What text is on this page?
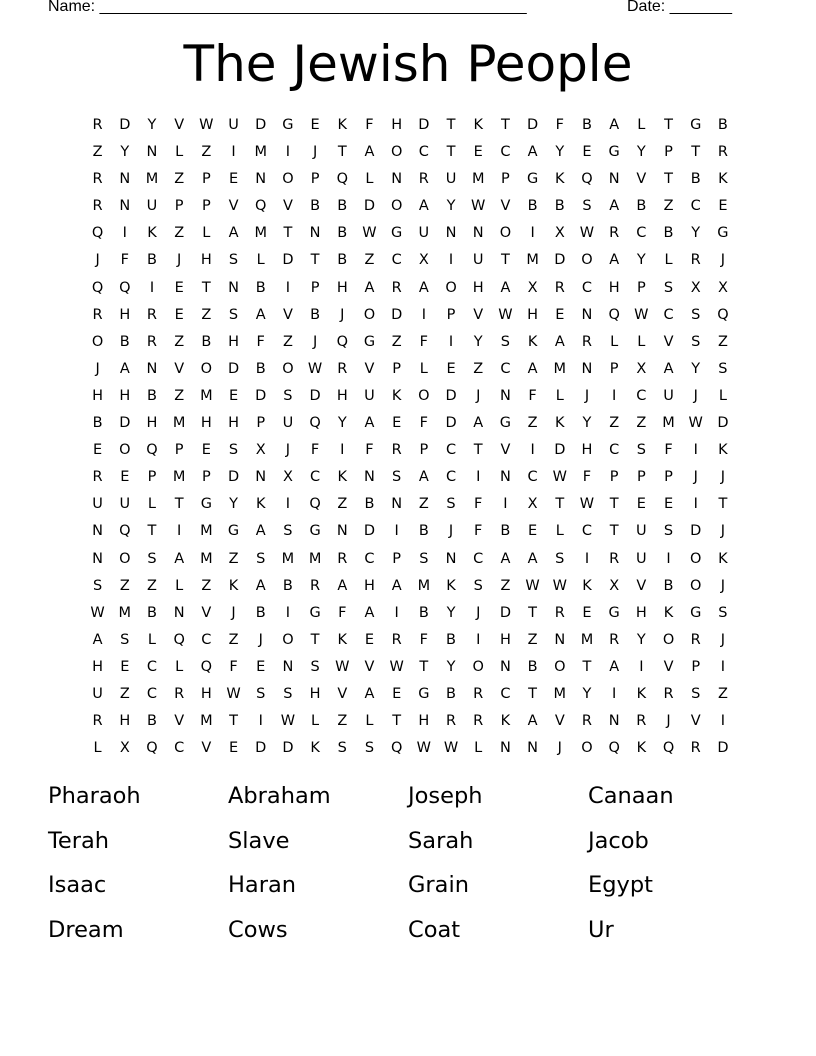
Name: ________________________________________________

	Date: _______

The Jewish People
R	D	Y	V	W	U	D	G	E	K	F	H	D	T	K	T	D	F	B	A	L	T	G	B
Z	Y	N	L	Z	I	M	I	J	T	A	O	C	T	E	C	A	Y	E	G	Y	P	T	R
R	N	M	Z	P	E	N	O	P	Q	L	N	R	U	M	P	G	K	Q	N	V	T	B	K
R	N	U	P	P	V	Q	V	B	B	D	O	A	Y	W	V	B	B	S	A	B	Z	C	E
Q	I	K	Z	L	A	M	T	N	B	W G	U	N	N	O	I	X	W	R	C	B	Y	G
J	F	B	J	H	S	L	D	T	B	Z	C	X	I	U	T	M	D	O	A	Y	L	R	J
Q	Q	I	E	T	N	B	I	P	H	A	R	A	O	H	A	X	R	C	H	P	S	X	X
R	H	R	E	Z	S	A	V	B	J	O	D	I	P	V	W	H	E	N	Q W	C	S	Q
O	B	R	Z	B	H	F	Z	J	Q	G	Z	F	I	Y	S	K	A	R	L	L	V	S	Z
J	A	N	V	O	D	B	O W	R	V	P	L	E	Z	C	A	M	N	P	X	A	Y	S
H	H	B	Z	M	E	D	S	D	H	U	K	O	D	J	N	F	L	J	I	C	U	J	L
B	D	H	M	H	H	P	U	Q	Y	A	E	F	D	A	G	Z	K	Y	Z	Z	M W D
E	O	Q	P	E	S	X	J	F	I	F	R	P	C	T	V	I	D	H	C	S	F	I	K
R	E	P	M	P	D	N	X	C	K	N	S	A	C	I	N	C	W	F	P	P	P	J	J
U	U	L	T	G	Y	K	I	Q	Z	B	N	Z	S	F	I	X	T	W	T	E	E	I	T
N	Q	T	I	M	G	A	S	G	N	D	I	B	J	F	B	E	L	C	T	U	S	D	J
N	O	S	A	M	Z	S	M	M	R	C	P	S	N	C	A	A	S	I	R	U	I	O	K
S	Z	Z	L	Z	K	A	B	R	A	H	A	M	K	S	Z	W W	K	X	V	B	O	J
W M	B	N	V	J	B	I	G	F	A	I	B	Y	J	D	T	R	E	G	H	K	G	S
A	S	L	Q	C	Z	J	O	T	K	E	R	F	B	I	H	Z	N	M	R	Y	O	R	J
H	E	C	L	Q	F	E	N	S	W	V	W	T	Y	O	N	B	O	T	A	I	V	P	I
U	Z	C	R	H	W	S	S	H	V	A	E	G	B	R	C	T	M	Y	I	K	R	S	Z
R	H	B	V	M	T	I	W	L	Z	L	T	H	R	R	K	A	V	R	N	R	J	V	I
L	X	Q	C	V	E	D	D	K	S	S	Q W W	L	N	N	J	O	Q	K	Q	R	D
Pharaoh	Abraham	Joseph	Canaan
Terah	Slave	Sarah	Jacob
Isaac	Haran	Grain	Egypt
Dream	Cows	Coat	Ur
